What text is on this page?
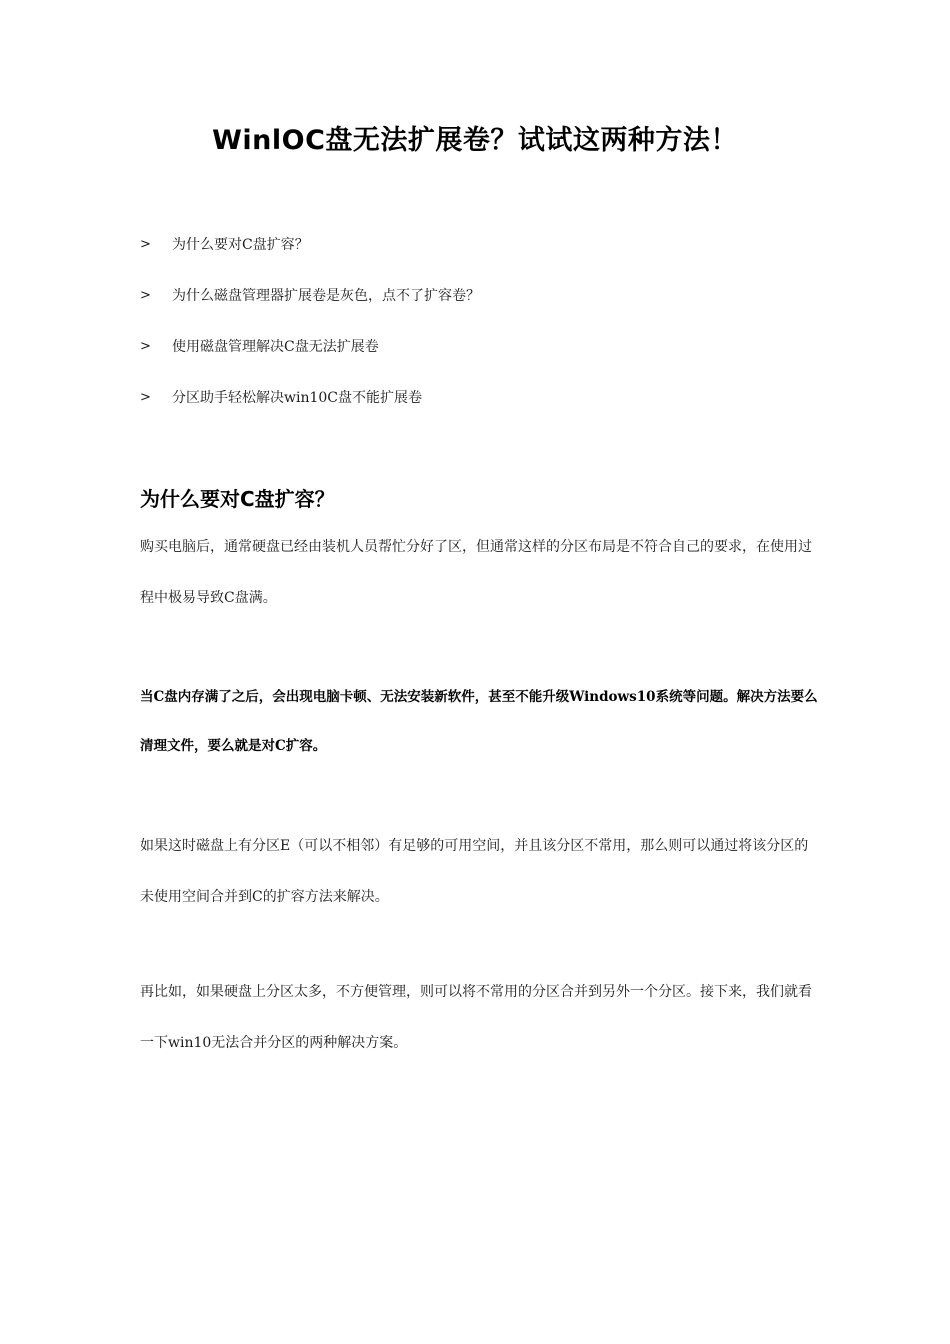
WinlOC盘无法扩展卷？试试这两种方法！
>	为什么要对C盘扩容？
>	为什么磁盘管理器扩展卷是灰色，点不了扩容卷？
>	使用磁盘管理解决C盘无法扩展卷
>	分区助手轻松解决win10C盘不能扩展卷
为什么要对C盘扩容？

购买电脑后，通常硬盘已经由装机人员帮忙分好了区，但通常这样的分区布局是不符合自己的要求，在使用过程中极易导致C盘满。

当C盘内存满了之后，会出现电脑卡顿、无法安装新软件，甚至不能升级Windows10系统等问题。解决方法要么清理文件，要么就是对C扩容。

如果这时磁盘上有分区E（可以不相邻）有足够的可用空间，并且该分区不常用，那么则可以通过将该分区的未使用空间合并到C的扩容方法来解决。

再比如，如果硬盘上分区太多，不方便管理，则可以将不常用的分区合并到另外一个分区。接下来，我们就看一下win10无法合并分区的两种解决方案。
